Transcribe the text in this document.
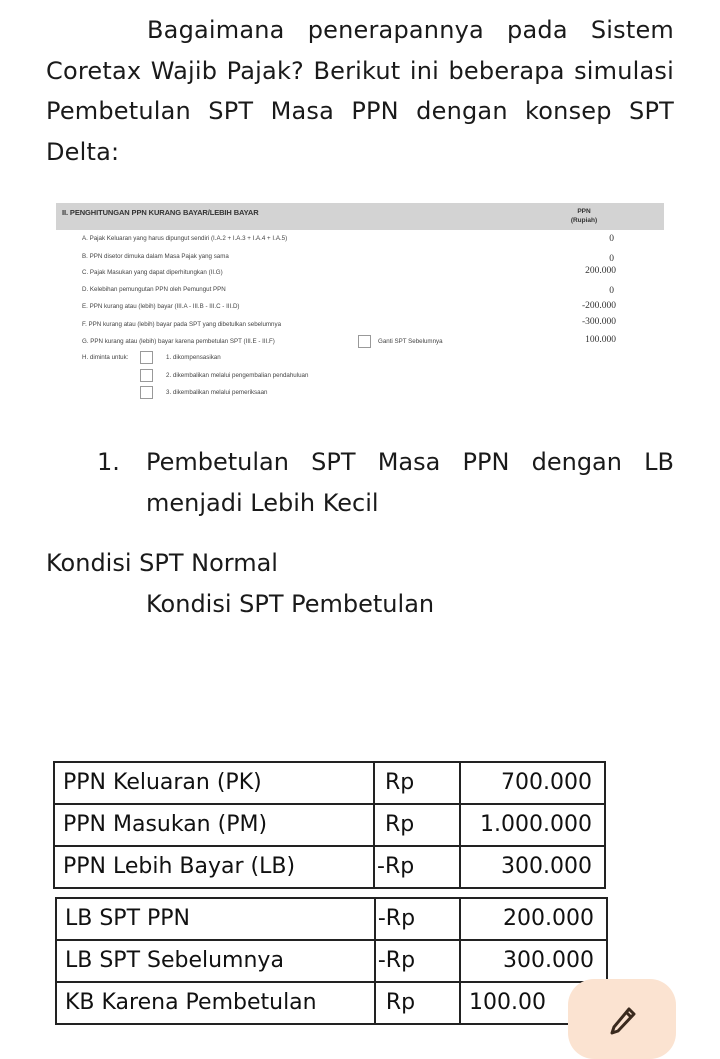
Bagaimana penerapannya pada Sistem
Coretax Wajib Pajak? Berikut ini beberapa simulasi
Pembetulan SPT Masa PPN dengan konsep SPT
Delta:
II. PENGHITUNGAN PPN KURANG BAYAR/LEBIH BAYAR	PPN
(Rupiah)
A. Pajak Keluaran yang harus dipungut sendiri (I.A.2 + I.A.3 + I.A.4 + I.A.5)	0
B. PPN disetor dimuka dalam Masa Pajak yang sama	0
C. Pajak Masukan yang dapat diperhitungkan (II.G)	200.000
D. Kelebihan pemungutan PPN oleh Pemungut PPN	0
E. PPN kurang atau (lebih) bayar (III.A - III.B - III.C - III.D)	-200.000
F. PPN kurang atau (lebih) bayar pada SPT yang dibetulkan sebelumnya	-300.000
G. PPN kurang atau (lebih) bayar karena pembetulan SPT (III.E - III.F)	Ganti SPT Sebelumnya	100.000
H. diminta untuk:	1. dikompensasikan
2. dikembalikan melalui pengembalian pendahuluan
3. dikembalikan melalui pemeriksaan
1. Pembetulan SPT Masa PPN dengan LB
menjadi Lebih Kecil
Kondisi SPT Normal
Kondisi SPT Pembetulan
PPN Keluaran (PK)	Rp	700.000
PPN Masukan (PM)	Rp	1.000.000
PPN Lebih Bayar (LB)	-Rp	300.000
LB SPT PPN	-Rp	200.000
LB SPT Sebelumnya	-Rp	300.000
KB Karena Pembetulan	Rp	100.00
